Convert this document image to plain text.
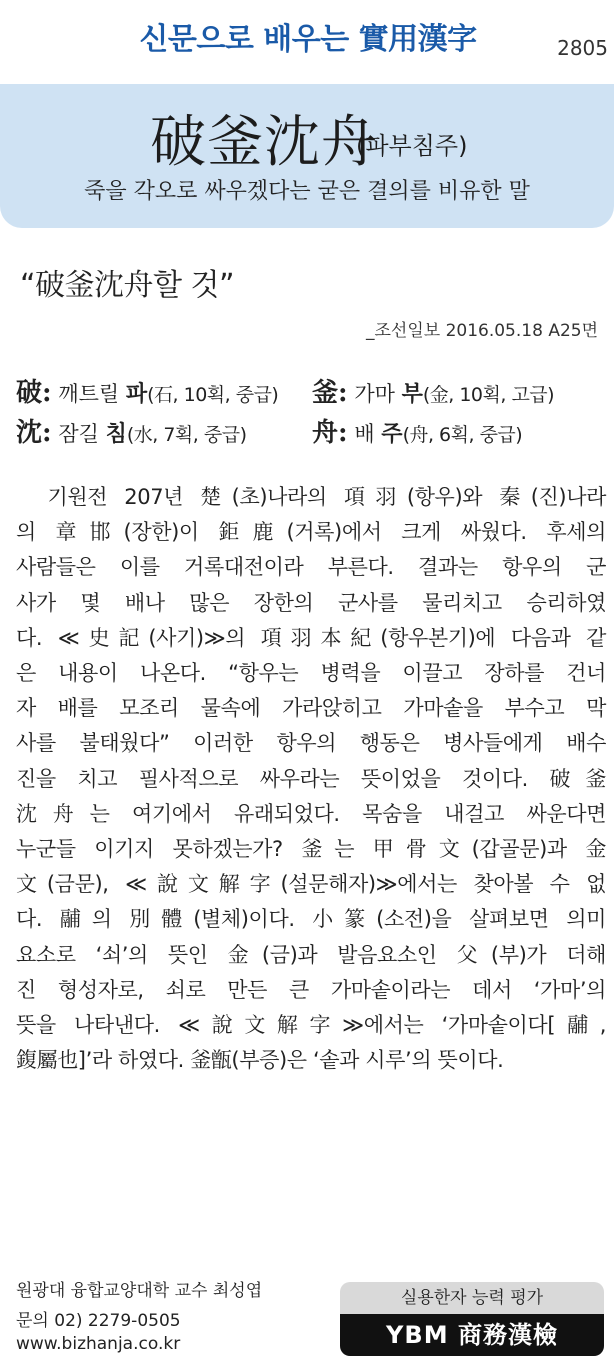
신문으로 배우는 實用漢字	2805
破釜沈舟
(파부침주)
죽을 각오로 싸우겠다는 굳은 결의를 비유한 말
“破釜沈舟할 것”
_조선일보 2016.05.18 A25면
破: 깨트릴 파(石, 10획, 중급) 釜: 가마 부(金, 10획, 고급)
沈: 잠길 침(水, 7획, 중급)	舟: 배 주(舟, 6획, 중급)
　기원전 207년 楚(초)나라의 項羽(항우)와 秦(진)나라
의 章邯(장한)이 鉅鹿(거록)에서 크게 싸웠다. 후세의
사람들은 이를 거록대전이라 부른다. 결과는 항우의 군
사가 몇 배나 많은 장한의 군사를 물리치고 승리하였
다. ≪史記(사기)≫의 項羽本紀(항우본기)에 다음과 같
은 내용이 나온다. “항우는 병력을 이끌고 장하를 건너
자 배를 모조리 물속에 가라앉히고 가마솥을 부수고 막
사를 불태웠다” 이러한 항우의 행동은 병사들에게 배수
진을 치고 필사적으로 싸우라는 뜻이었을 것이다. 破釜
沈舟는 여기에서 유래되었다. 목숨을 내걸고 싸운다면
누군들 이기지 못하겠는가? 釜는 甲骨文(갑골문)과 金
文(금문), ≪說文解字(설문해자)≫에서는 찾아볼 수 없
다. 鬴의 別體(별체)이다. 小篆(소전)을 살펴보면 의미
요소로 ‘쇠’의 뜻인 金(금)과 발음요소인 父(부)가 더해
진 형성자로, 쇠로 만든 큰 가마솥이라는 데서 ‘가마’의
뜻을 나타낸다. ≪說文解字≫에서는 ‘가마솥이다[鬴,
鍑屬也]’라 하였다. 釜甑(부증)은 ‘솥과 시루’의 뜻이다.
원광대 융합교양대학 교수 최성엽
문의 02) 2279-0505
www.bizhanja.co.kr
실용한자 능력 평가
YBM 商務漢檢
